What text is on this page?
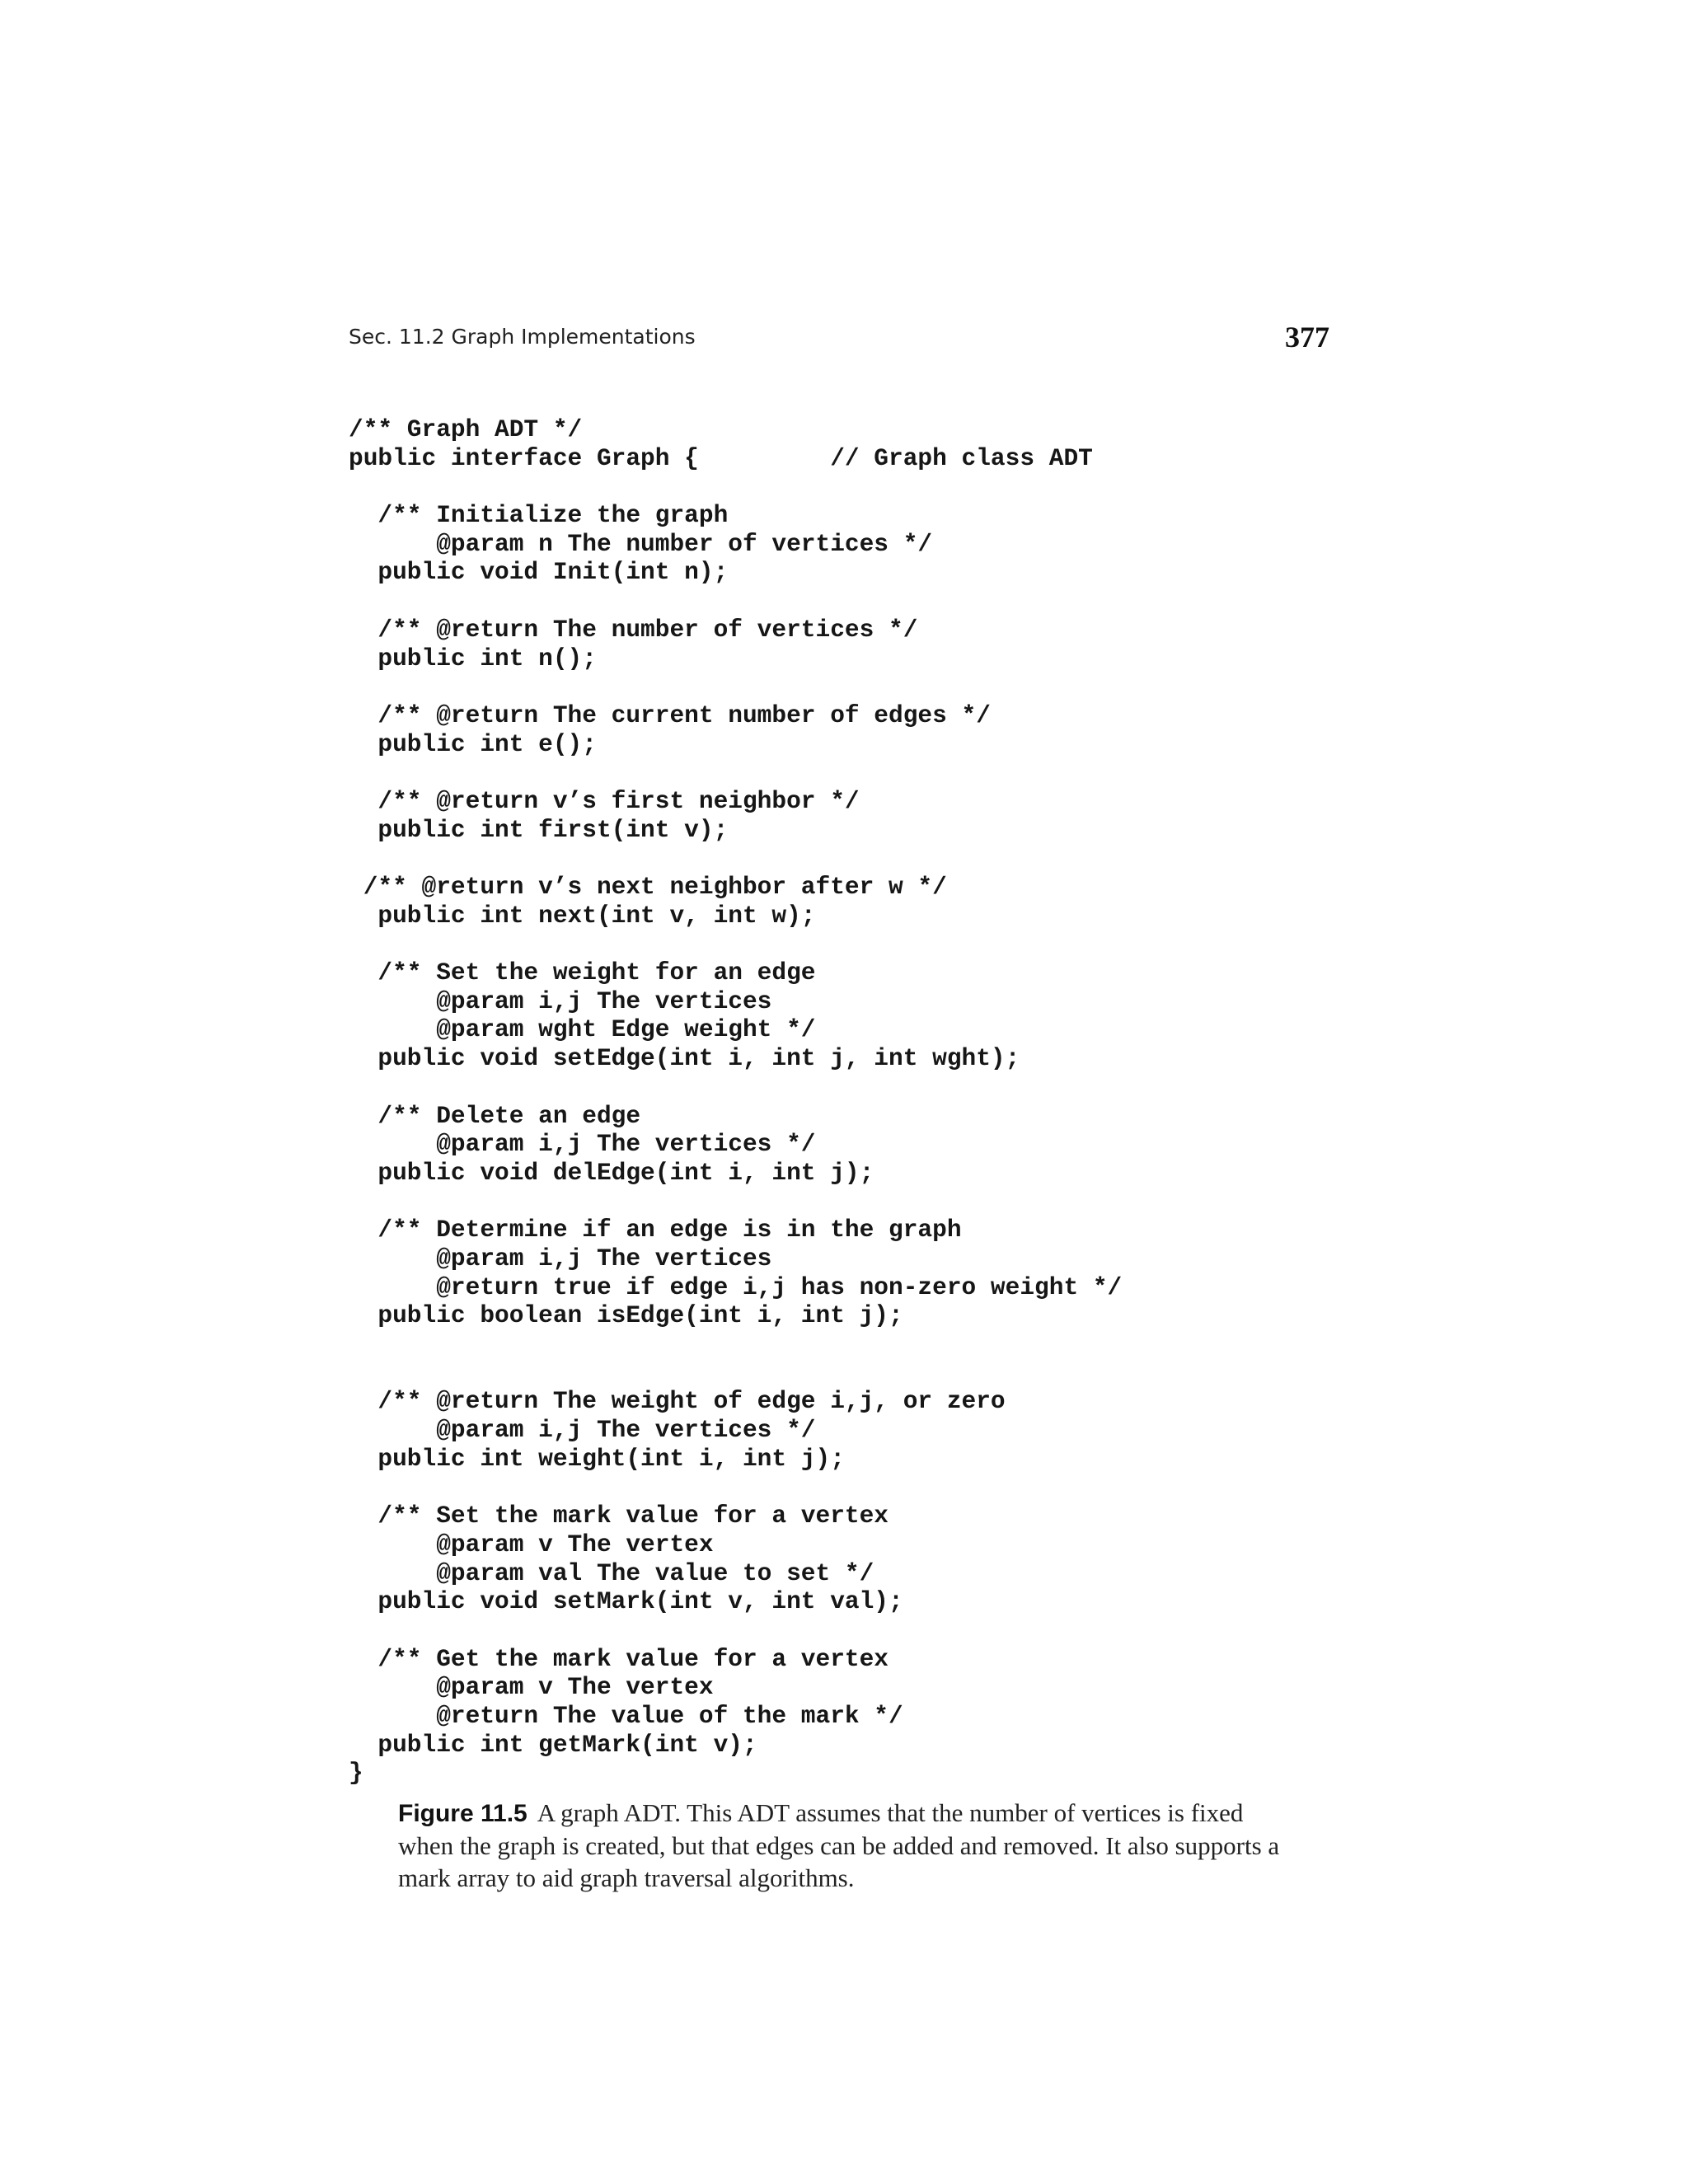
Sec. 11.2 Graph Implementations	377
/** Graph ADT */
public interface Graph {         // Graph class ADT
/** Initialize the graph
@param n The number of vertices */
public void Init(int n);
/** @return The number of vertices */
public int n();
/** @return The current number of edges */
public int e();
/** @return v’s first neighbor */
public int first(int v);
/** @return v’s next neighbor after w */
public int next(int v, int w);
/** Set the weight for an edge
@param i,j The vertices
@param wght Edge weight */
public void setEdge(int i, int j, int wght);
/** Delete an edge
@param i,j The vertices */
public void delEdge(int i, int j);
/** Determine if an edge is in the graph
@param i,j The vertices
@return true if edge i,j has non-zero weight */
public boolean isEdge(int i, int j);
/** @return The weight of edge i,j, or zero
@param i,j The vertices */
public int weight(int i, int j);
/** Set the mark value for a vertex
@param v The vertex
@param val The value to set */
public void setMark(int v, int val);
/** Get the mark value for a vertex
@param v The vertex
@return The value of the mark */
public int getMark(int v);
}
Figure 11.5 A graph ADT. This ADT assumes that the number of vertices is fixed when the graph is created, but that edges can be added and removed. It also supports a mark array to aid graph traversal algorithms.
